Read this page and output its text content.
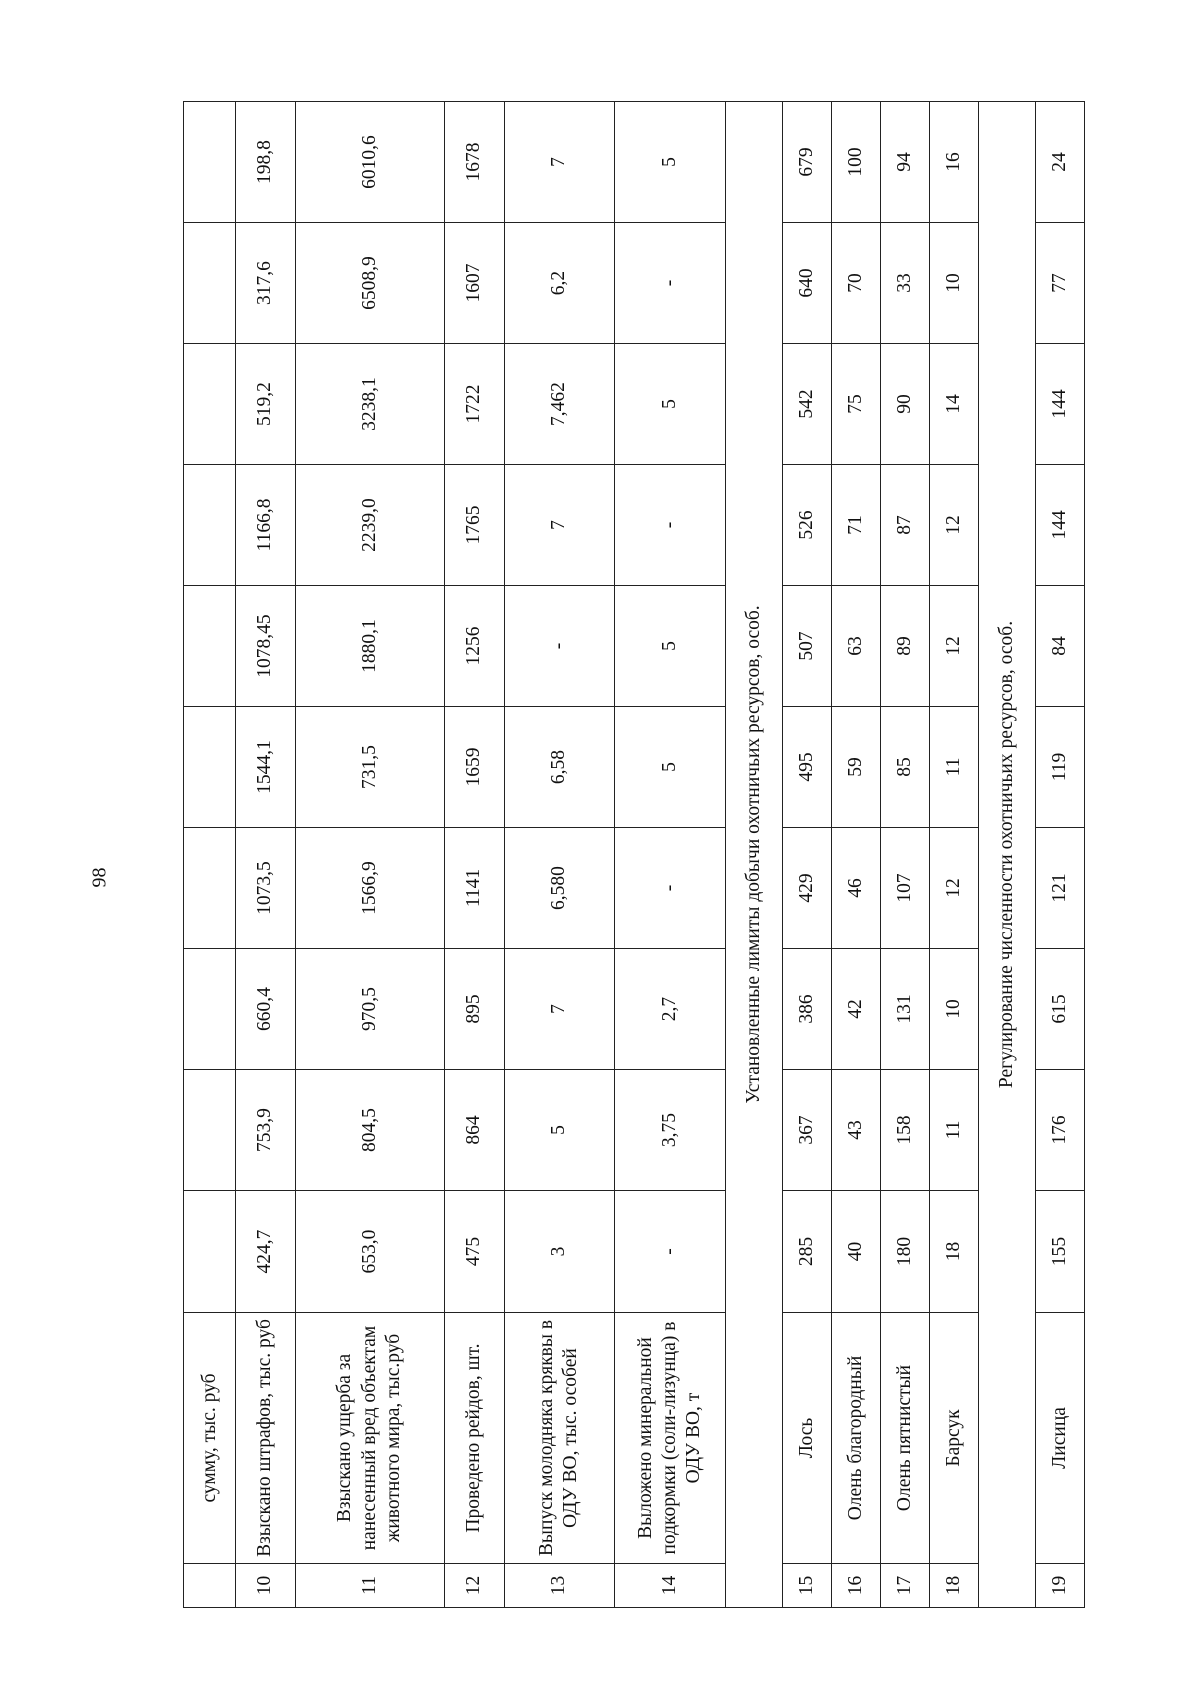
98
	сумму, тыс. руб										
10	Взыскано штрафов, тыс. руб	424,7	753,9	660,4	1073,5	1544,1	1078,45	1166,8	519,2	317,6	198,8
11	Взыскано ущерба за нанесенный вред объектам животного мира, тыс.руб	653,0	804,5	970,5	1566,9	731,5	1880,1	2239,0	3238,1	6508,9	6010,6
12	Проведено рейдов, шт.	475	864	895	1141	1659	1256	1765	1722	1607	1678
13	Выпуск молодняка кряквы в ОДУ ВО, тыс. особей	3	5	7	6,580	6,58	-	7	7,462	6,2	7
14	Выложено минеральной подкормки (соли-лизунца) в ОДУ ВО, т	-	3,75	2,7	-	5	5	-	5	-	5
Установленные лимиты добычи охотничьих ресурсов, особ.											
15	Лось	285	367	386	429	495	507	526	542	640	679
16	Олень благородный	40	43	42	46	59	63	71	75	70	100
17	Олень пятнистый	180	158	131	107	85	89	87	90	33	94
18	Барсук	18	11	10	12	11	12	12	14	10	16
Регулирование численности охотничьих ресурсов, особ.											
19	Лисица	155	176	615	121	119	84	144	144	77	24
